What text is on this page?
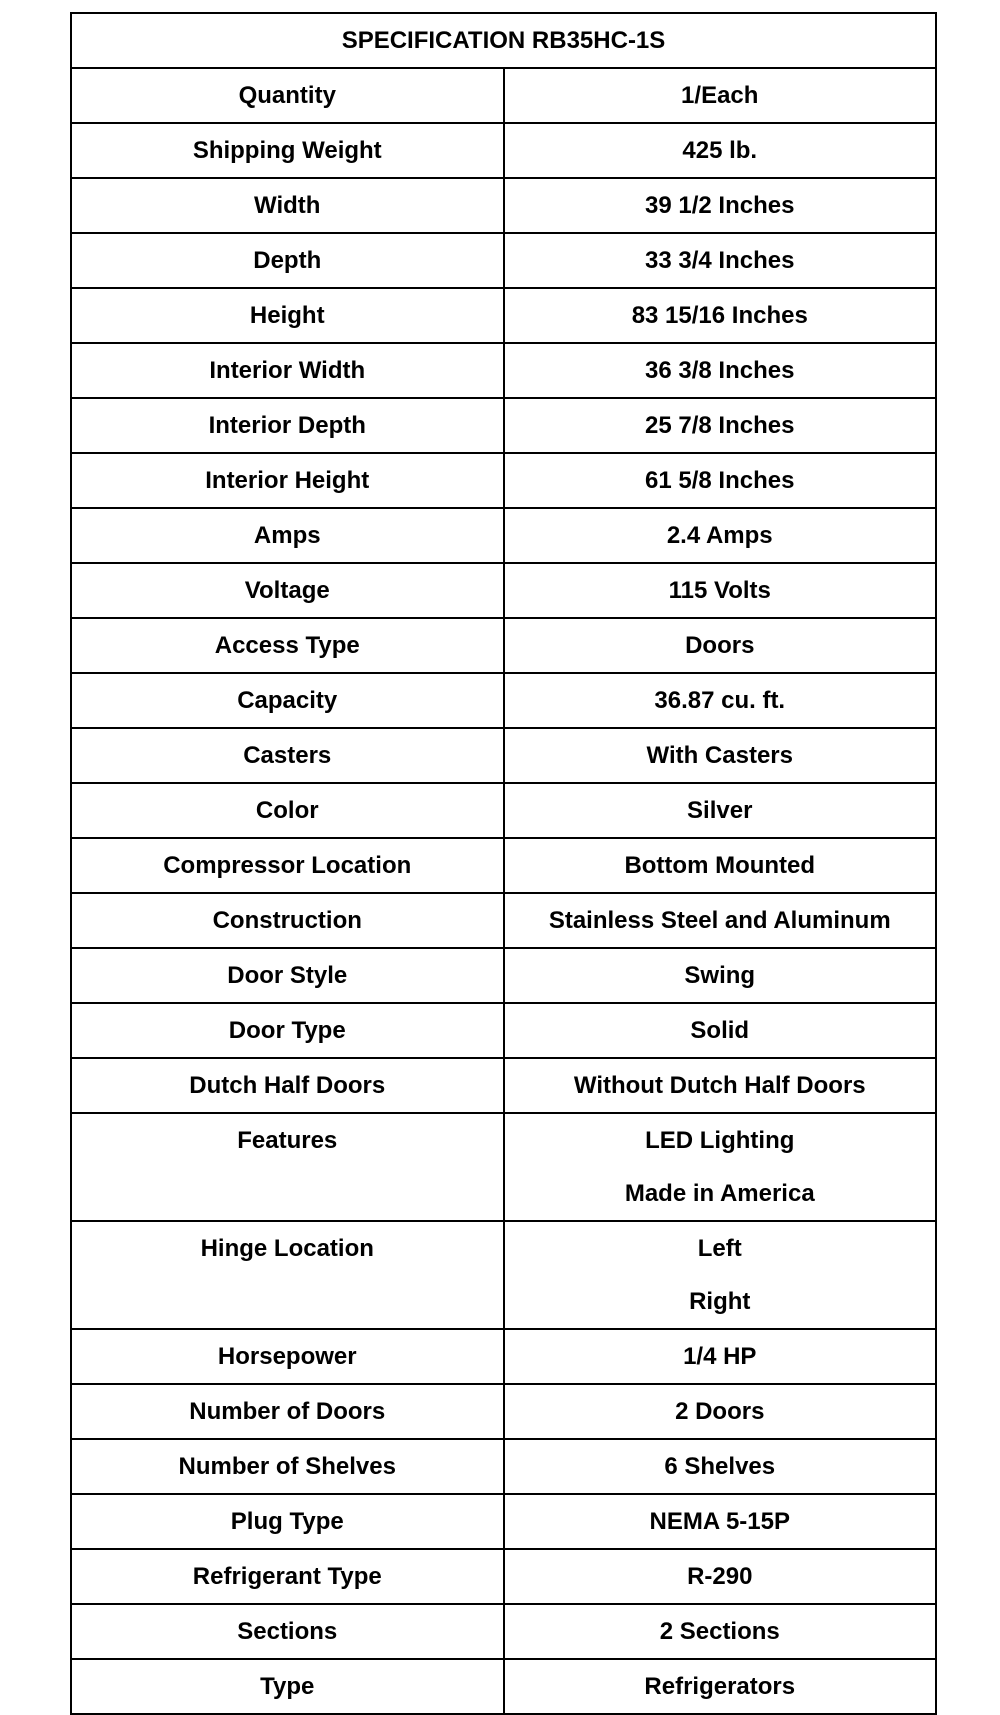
SPECIFICATION RB35HC-1S	

Quantity	1/Each

Shipping Weight	425 lb.

Width	39 1/2 Inches

Depth	33 3/4 Inches

Height	83 15/16 Inches

Interior Width	36 3/8 Inches

Interior Depth	25 7/8 Inches

Interior Height	61 5/8 Inches

Amps	2.4 Amps

Voltage	115 Volts

Access Type	Doors

Capacity	36.87 cu. ft.

Casters	With Casters

Color	Silver

Compressor Location	Bottom Mounted

Construction	Stainless Steel and Aluminum

Door Style	Swing

Door Type	Solid

Dutch Half Doors	Without Dutch Half Doors

Features	LED Lighting
Made in America

Hinge Location	Left
Right

Horsepower	1/4 HP

Number of Doors	2 Doors

Number of Shelves	6 Shelves

Plug Type	NEMA 5-15P

Refrigerant Type	R-290

Sections	2 Sections

Type	Refrigerators
